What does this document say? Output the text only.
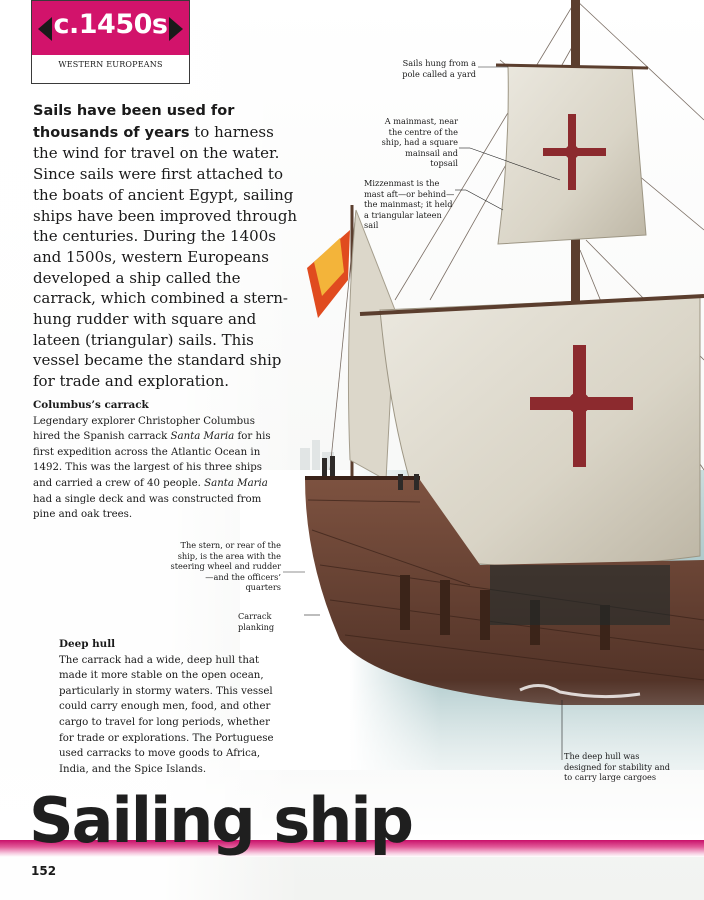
c.1450s
WESTERN EUROPEANS
Sails have been used for thousands of years to harness the wind for travel on the water. Since sails were first attached to the boats of ancient Egypt, sailing ships have been improved through the centuries. During the 1400s and 1500s, western Europeans developed a ship called the carrack, which combined a stern-hung rudder with square and lateen (triangular) sails. This vessel became the standard ship for trade and exploration.
Columbus’s carrack

Legendary explorer Christopher Columbus hired the Spanish carrack Santa Maria for his first expedition across the Atlantic Ocean in 1492. This was the largest of his three ships and carried a crew of 40 people. Santa Maria had a single deck and was constructed from pine and oak trees.

Deep hull

The carrack had a wide, deep hull that made it more stable on the open ocean, particularly in stormy waters. This vessel could carry enough men, food, and other cargo to travel for long periods, whether for trade or explorations. The Portuguese used carracks to move goods to Africa, India, and the Spice Islands.

Sails hung from a pole called a yard
A mainmast, near the centre of the ship, had a square mainsail and topsail
Mizzenmast is the mast aft—or behind—the mainmast; it held a triangular lateen sail
The stern, or rear of the ship, is the area with the steering wheel and rudder—and the officers’ quarters
Carrack planking
The deep hull was designed for stability and to carry large cargoes
Sailing ship
152
